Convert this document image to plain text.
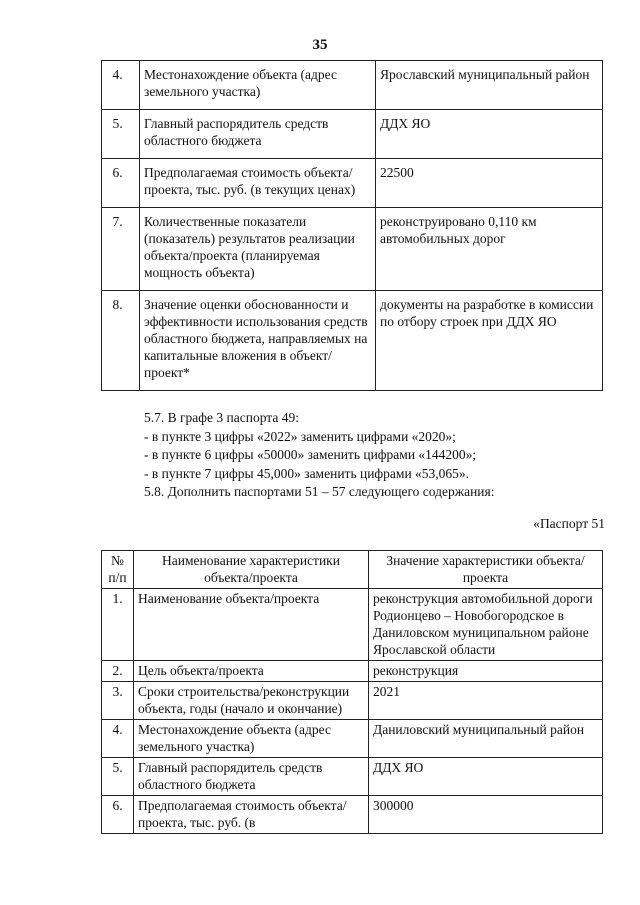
35
4.	Местонахождение объекта (адрес земельного участка)	Ярославский муниципальный район
5.	Главный распорядитель средств областного бюджета	ДДХ ЯО
6.	Предполагаемая стоимость объекта/проекта, тыс. руб. (в текущих ценах)	22500
7.	Количественные показатели (показатель) результатов реализации объекта/проекта (планируемая мощность объекта)	реконструировано 0,110 км автомобильных дорог
8.	Значение оценки обоснованности и эффективности использования средств областного бюджета, направляемых на капитальные вложения в объект/проект*	документы на разработке в комиссии по отбору строек при ДДХ ЯО
5.7. В графе 3 паспорта 49:
- в пункте 3 цифры «2022» заменить цифрами «2020»;
- в пункте 6 цифры «50000» заменить цифрами «144200»;
- в пункте 7 цифры 45,000» заменить цифрами «53,065».
5.8. Дополнить паспортами 51 – 57 следующего содержания:
«Паспорт 51
№ п/п	Наименование характеристики объекта/проекта	Значение характеристики объекта/проекта
1.	Наименование объекта/проекта	реконструкция автомобильной дороги Родионцево – Новобогородское в Даниловском муниципальном районе Ярославской области
2.	Цель объекта/проекта	реконструкция
3.	Сроки строительства/реконструкции объекта, годы (начало и окончание)	2021
4.	Местонахождение объекта (адрес земельного участка)	Даниловский муниципальный район
5.	Главный распорядитель средств областного бюджета	ДДХ ЯО
6.	Предполагаемая стоимость объекта/проекта, тыс. руб. (в	300000
